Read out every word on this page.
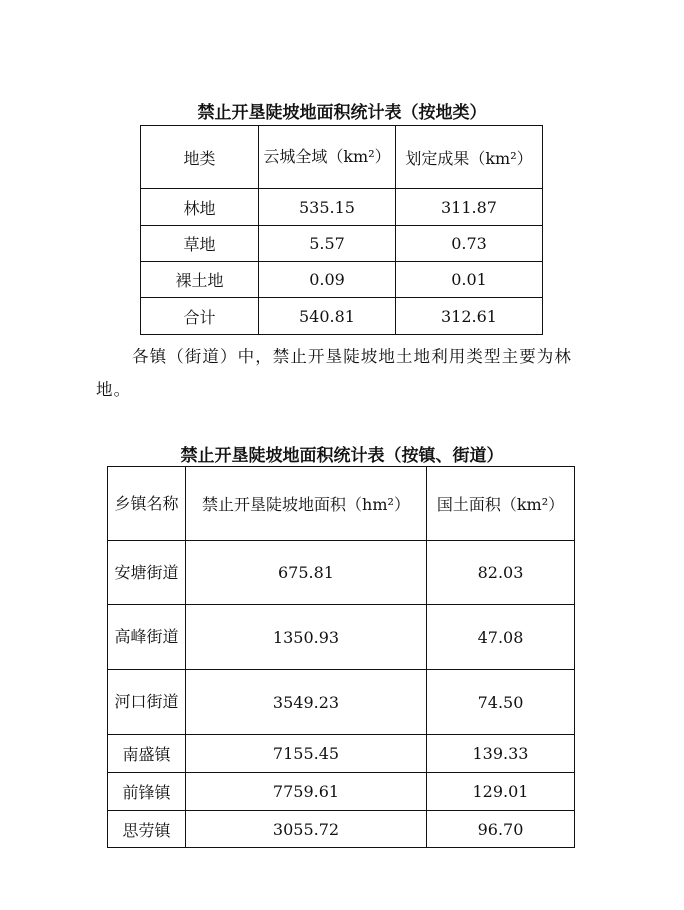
禁止开垦陡坡地面积统计表（按地类）
地类	云城全域（km²）	划定成果（km²）
林地	535.15	311.87
草地	5.57	0.73
裸土地	0.09	0.01
合计	540.81	312.61
各镇（街道）中，禁止开垦陡坡地土地利用类型主要为林地。
禁止开垦陡坡地面积统计表（按镇、街道）
乡镇名称	禁止开垦陡坡地面积（hm²）	国土面积（km²）
安塘街道	675.81	82.03
高峰街道	1350.93	47.08
河口街道	3549.23	74.50
南盛镇	7155.45	139.33
前锋镇	7759.61	129.01
思劳镇	3055.72	96.70
